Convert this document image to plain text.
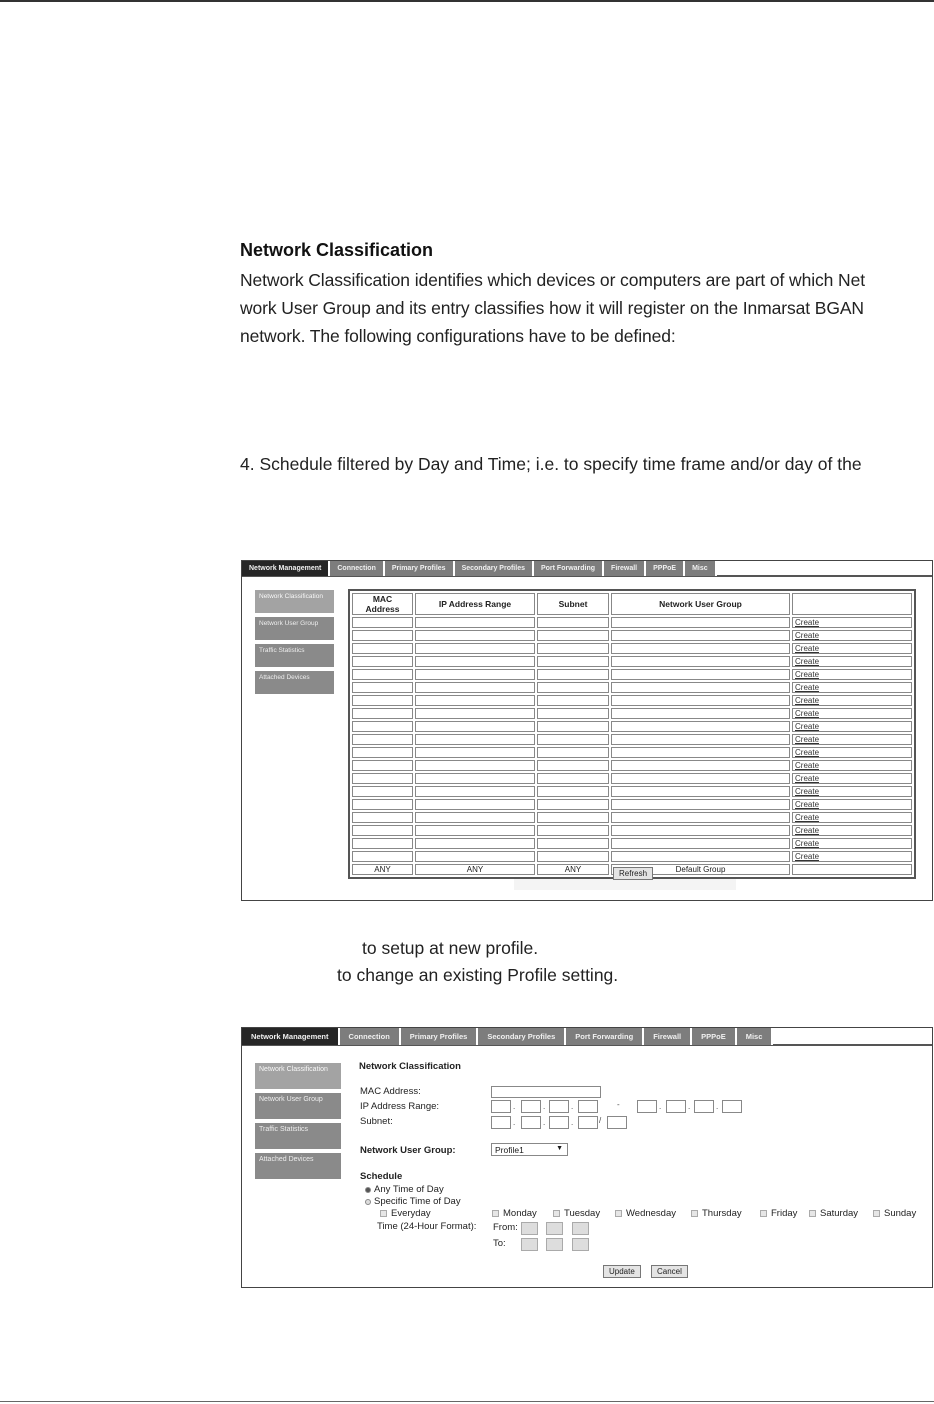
Network Classification
Network Classification identifies which devices or computers are part of which Net
work User Group and its entry classifies how it will register on the Inmarsat BGAN
network. The following configurations have to be defined:
4. Schedule filtered by Day and Time; i.e. to specify time frame and/or day of the
Network Management	Connection	Primary Profiles	Secondary Profiles	Port Forwarding	Firewall	PPPoE	Misc
Network Classification
Network User Group
Traffic Statistics
Attached Devices
MAC Address	IP Address Range	Subnet	Network User Group	
				Create
				Create
				Create
				Create
				Create
				Create
				Create
				Create
				Create
				Create
				Create
				Create
				Create
				Create
				Create
				Create
				Create
				Create
				Create
ANY	ANY	ANY	Default Group	
Refresh
to setup at new profile.
to change an existing Profile setting.
Network Management	Connection	Primary Profiles	Secondary Profiles	Port Forwarding	Firewall	PPPoE	Misc
Network Classification
Network User Group
Traffic Statistics
Attached Devices
Network Classification
MAC Address:
IP Address Range:	-
Subnet:	/
Network User Group:	Profile1	▼
Schedule
Any Time of Day
Specific Time of Day
Everyday
Time (24-Hour Format): From:
To:
Update	Cancel
.	.	.	.	.	.
.	.	.
Monday	Tuesday	Wednesday	Thursday	Friday Saturday	Sunday
